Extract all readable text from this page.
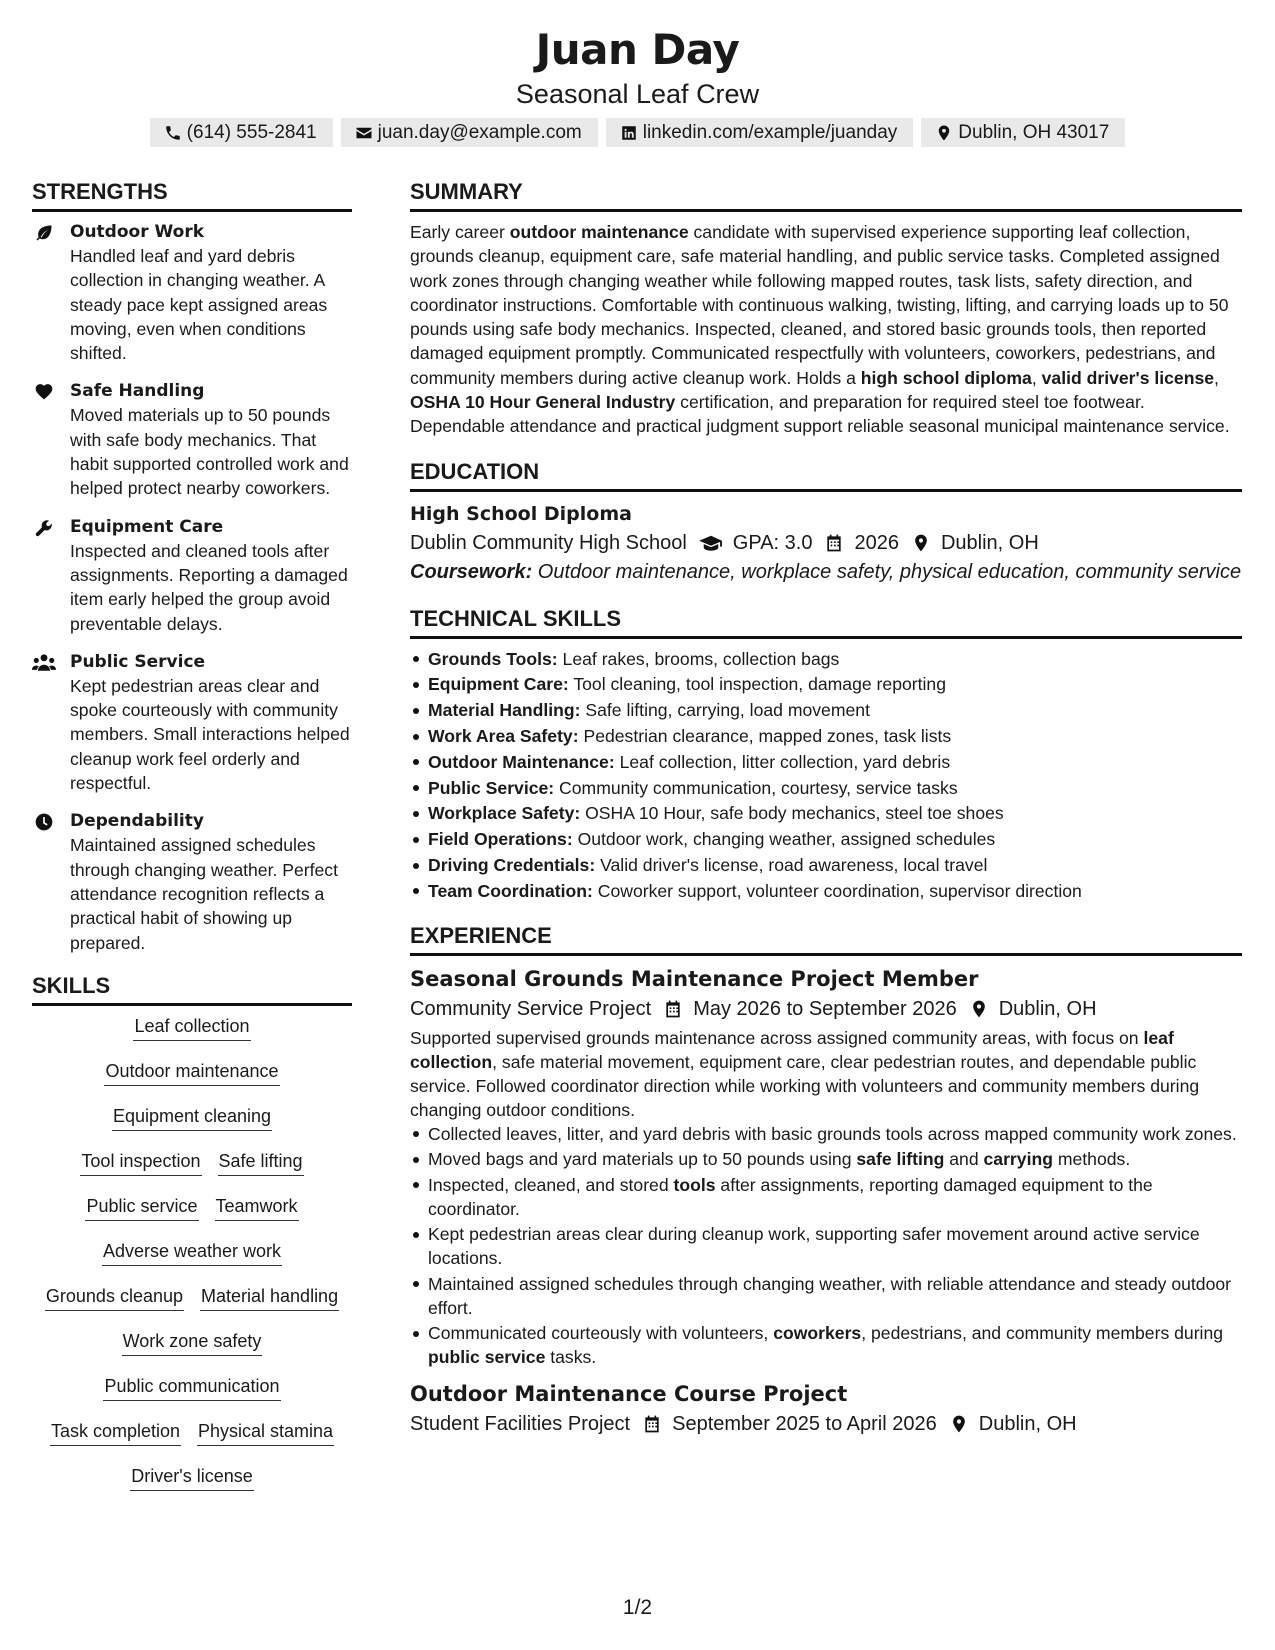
Juan Day
Seasonal Leaf Crew
(614) 555-2841	juan.day@example.com	linkedin.com/example/juanday	Dublin, OH 43017
STRENGTHS
Outdoor Work
Handled leaf and yard debris collection in changing weather. A steady pace kept assigned areas moving, even when conditions shifted.
Safe Handling
Moved materials up to 50 pounds with safe body mechanics. That habit supported controlled work and helped protect nearby coworkers.
Equipment Care
Inspected and cleaned tools after assignments. Reporting a damaged item early helped the group avoid preventable delays.
Public Service
Kept pedestrian areas clear and spoke courteously with community members. Small interactions helped cleanup work feel orderly and respectful.
Dependability
Maintained assigned schedules through changing weather. Perfect attendance recognition reflects a practical habit of showing up prepared.
SKILLS
Leaf collection
Outdoor maintenance
Equipment cleaning
Tool inspection Safe lifting
Public service Teamwork
Adverse weather work
Grounds cleanup Material handling
Work zone safety
Public communication
Task completion Physical stamina
Driver's license
SUMMARY
Early career outdoor maintenance candidate with supervised experience supporting leaf collection, grounds cleanup, equipment care, safe material handling, and public service tasks. Completed assigned work zones through changing weather while following mapped routes, task lists, safety direction, and coordinator instructions. Comfortable with continuous walking, twisting, lifting, and carrying loads up to 50 pounds using safe body mechanics. Inspected, cleaned, and stored basic grounds tools, then reported damaged equipment promptly. Communicated respectfully with volunteers, coworkers, pedestrians, and community members during active cleanup work. Holds a high school diploma, valid driver's license, OSHA 10 Hour General Industry certification, and preparation for required steel toe footwear. Dependable attendance and practical judgment support reliable seasonal municipal maintenance service.
EDUCATION
High School Diploma
Dublin Community High School GPA: 3.0 2026 Dublin, OH
Coursework: Outdoor maintenance, workplace safety, physical education, community service
TECHNICAL SKILLS
Grounds Tools: Leaf rakes, brooms, collection bags
Equipment Care: Tool cleaning, tool inspection, damage reporting
Material Handling: Safe lifting, carrying, load movement
Work Area Safety: Pedestrian clearance, mapped zones, task lists
Outdoor Maintenance: Leaf collection, litter collection, yard debris
Public Service: Community communication, courtesy, service tasks
Workplace Safety: OSHA 10 Hour, safe body mechanics, steel toe shoes
Field Operations: Outdoor work, changing weather, assigned schedules
Driving Credentials: Valid driver's license, road awareness, local travel
Team Coordination: Coworker support, volunteer coordination, supervisor direction
EXPERIENCE
Seasonal Grounds Maintenance Project Member
Community Service Project May 2026 to September 2026 Dublin, OH
Supported supervised grounds maintenance across assigned community areas, with focus on leaf collection, safe material movement, equipment care, clear pedestrian routes, and dependable public service. Followed coordinator direction while working with volunteers and community members during changing outdoor conditions.
Collected leaves, litter, and yard debris with basic grounds tools across mapped community work zones.
Moved bags and yard materials up to 50 pounds using safe lifting and carrying methods.
Inspected, cleaned, and stored tools after assignments, reporting damaged equipment to the coordinator.
Kept pedestrian areas clear during cleanup work, supporting safer movement around active service locations.
Maintained assigned schedules through changing weather, with reliable attendance and steady outdoor effort.
Communicated courteously with volunteers, coworkers, pedestrians, and community members during public service tasks.
Outdoor Maintenance Course Project
Student Facilities Project September 2025 to April 2026 Dublin, OH
1/2
